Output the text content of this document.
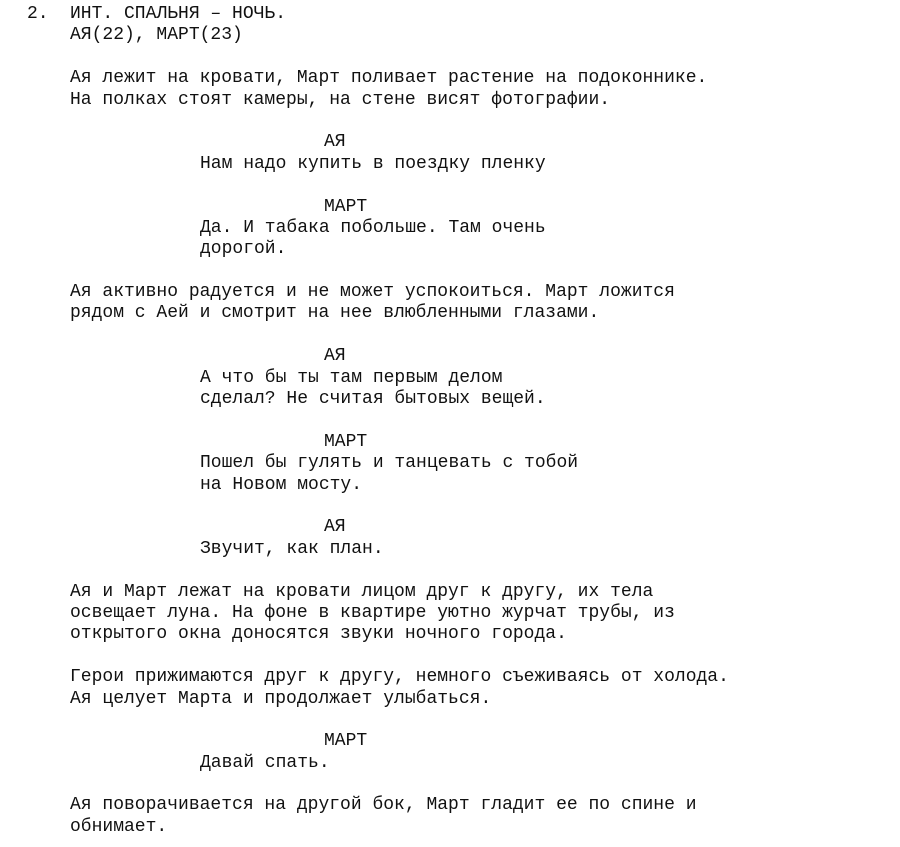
2. ИНТ. СПАЛЬНЯ – НОЧЬ.
АЯ(22), МАРТ(23)
Ая лежит на кровати, Март поливает растение на подоконнике.
На полках стоят камеры, на стене висят фотографии.
АЯ
Нам надо купить в поездку пленку
МАРТ
Да. И табака побольше. Там очень
дорогой.
Ая активно радуется и не может успокоиться. Март ложится
рядом с Аей и смотрит на нее влюбленными глазами.
АЯ
А что бы ты там первым делом
сделал? Не считая бытовых вещей.
МАРТ
Пошел бы гулять и танцевать с тобой
на Новом мосту.
АЯ
Звучит, как план.
Ая и Март лежат на кровати лицом друг к другу, их тела
освещает луна. На фоне в квартире уютно журчат трубы, из
открытого окна доносятся звуки ночного города.
Герои прижимаются друг к другу, немного съеживаясь от холода.
Ая целует Марта и продолжает улыбаться.
МАРТ
Давай спать.
Ая поворачивается на другой бок, Март гладит ее по спине и
обнимает.
